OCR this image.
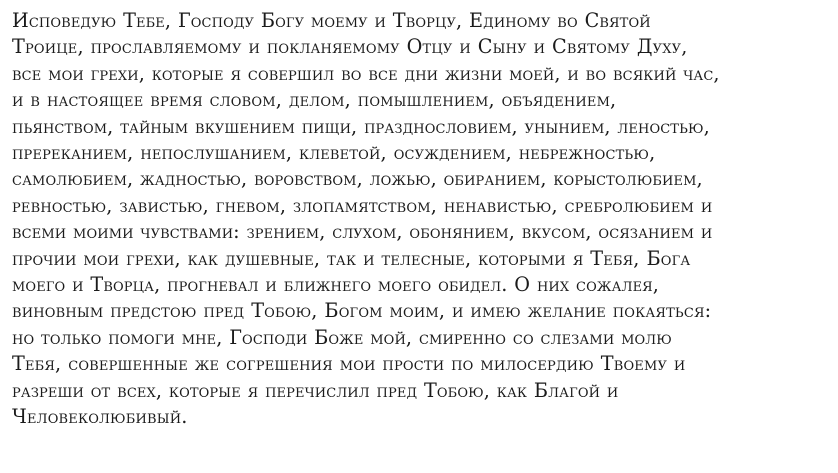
Исповедую Тебе, Господу Богу моему и Творцу, Единому во Святой
Троице, прославляемому и покланяемому Отцу и Сыну и Святому Духу,
все мои грехи, которые я совершил во все дни жизни моей, и во всякий час,
и в настоящее время словом, делом, помышлением, объядением,
пьянством, тайным вкушением пищи, празднословием, унынием, леностью,
пререканием, непослушанием, клеветой, осуждением, небрежностью,
самолюбием, жадностью, воровством, ложью, обиранием, корыстолюбием,
ревностью, завистью, гневом, злопамятством, ненавистью, сребролюбием и
всеми моими чувствами: зрением, слухом, обонянием, вкусом, осязанием и
прочии мои грехи, как душевные, так и телесные, которыми я Тебя, Бога
моего и Творца, прогневал и ближнего моего обидел. О них сожалея,
виновным предстою пред Тобою, Богом моим, и имею желание покаяться:
но только помоги мне, Господи Боже мой, смиренно со слезами молю
Тебя, совершенные же согрешения мои прости по милосердию Твоему и
разреши от всех, которые я перечислил пред Тобою, как Благой и
Человеколюбивый.
